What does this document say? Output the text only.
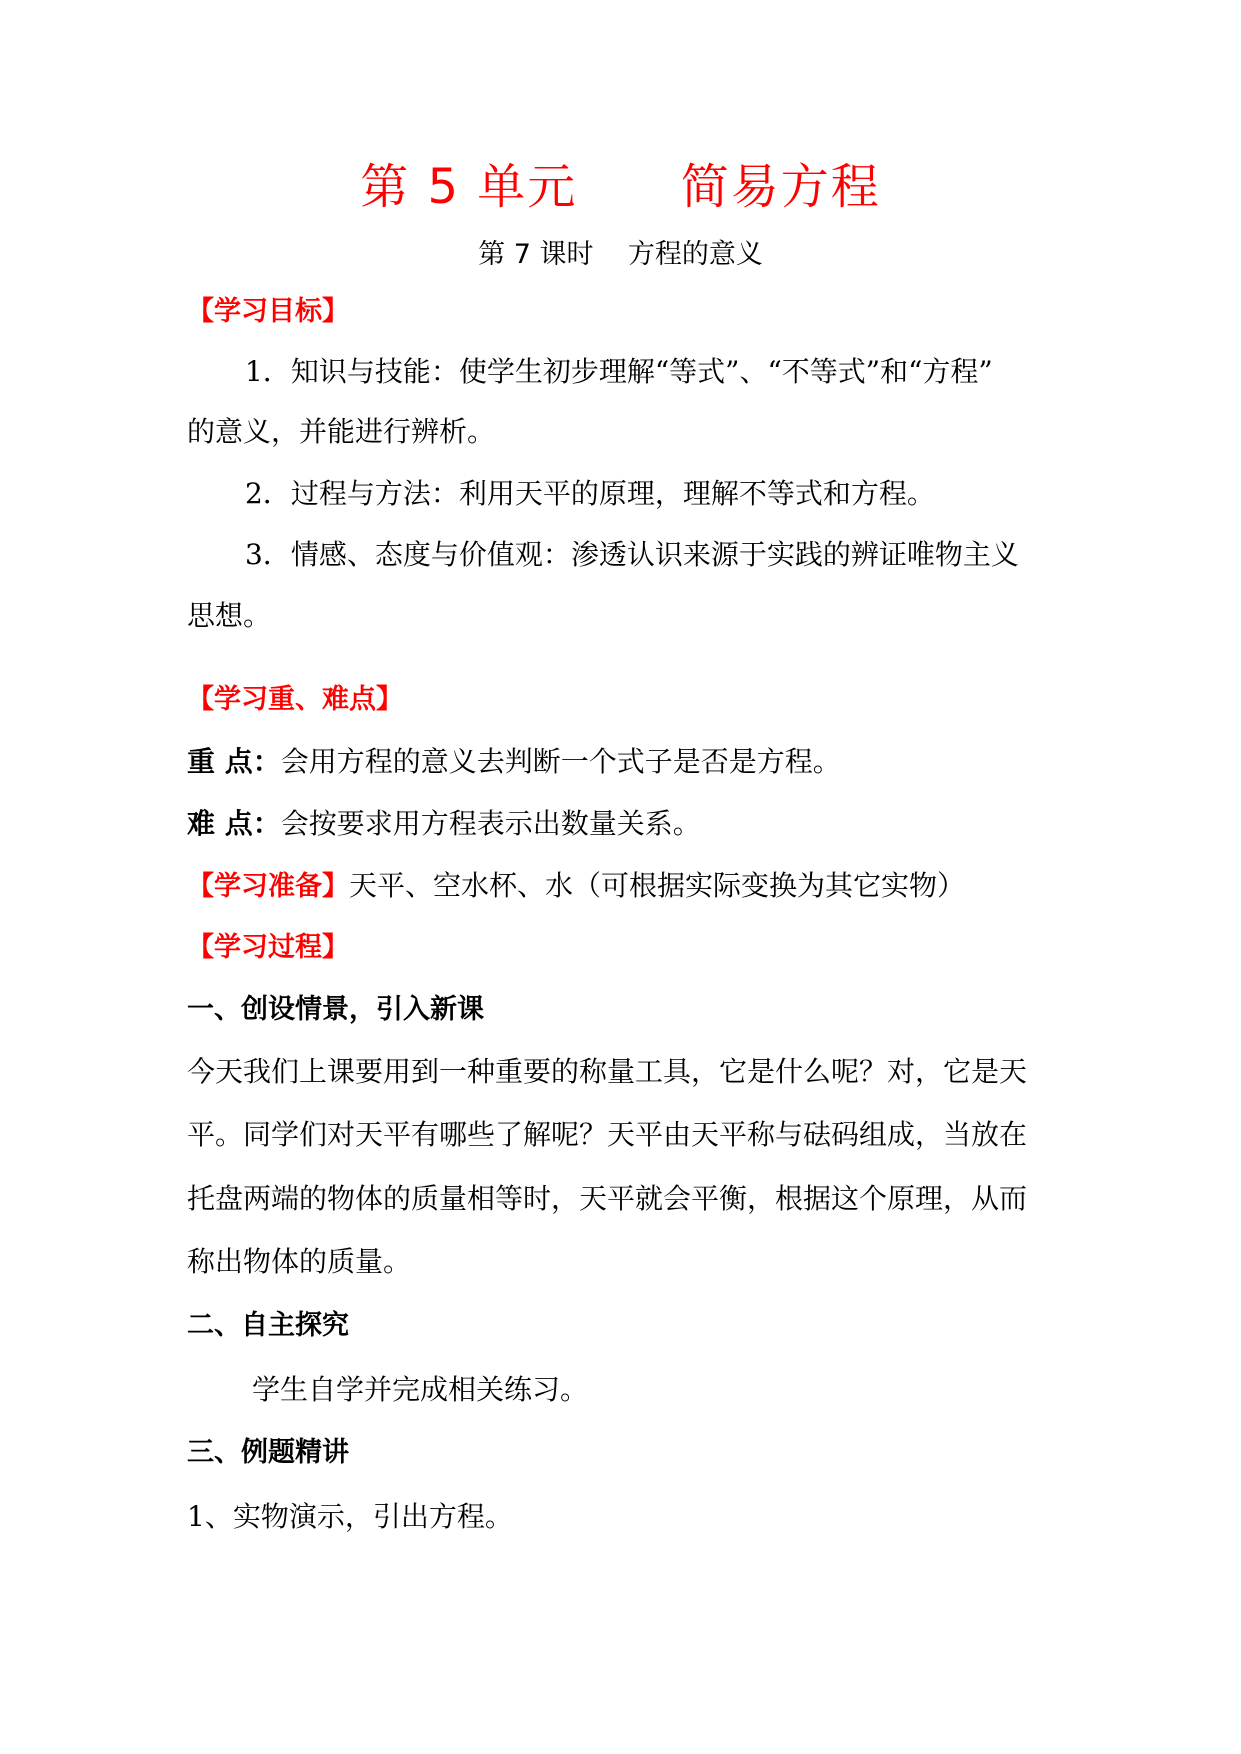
第 5 单元      简易方程
第 7 课时    方程的意义
【学习目标】
1．知识与技能：使学生初步理解“等式”、“不等式”和“方程”
的意义，并能进行辨析。
2．过程与方法：利用天平的原理，理解不等式和方程。
3．情感、态度与价值观：渗透认识来源于实践的辨证唯物主义
思想。
【学习重、难点】
重 点：会用方程的意义去判断一个式子是否是方程。
难 点：会按要求用方程表示出数量关系。
【学习准备】天平、空水杯、水（可根据实际变换为其它实物）
【学习过程】
一、创设情景，引入新课
今天我们上课要用到一种重要的称量工具，它是什么呢？对，它是天
平。同学们对天平有哪些了解呢？天平由天平称与砝码组成，当放在
托盘两端的物体的质量相等时，天平就会平衡，根据这个原理，从而
称出物体的质量。
二、自主探究
学生自学并完成相关练习。
三、例题精讲
1、实物演示，引出方程。
